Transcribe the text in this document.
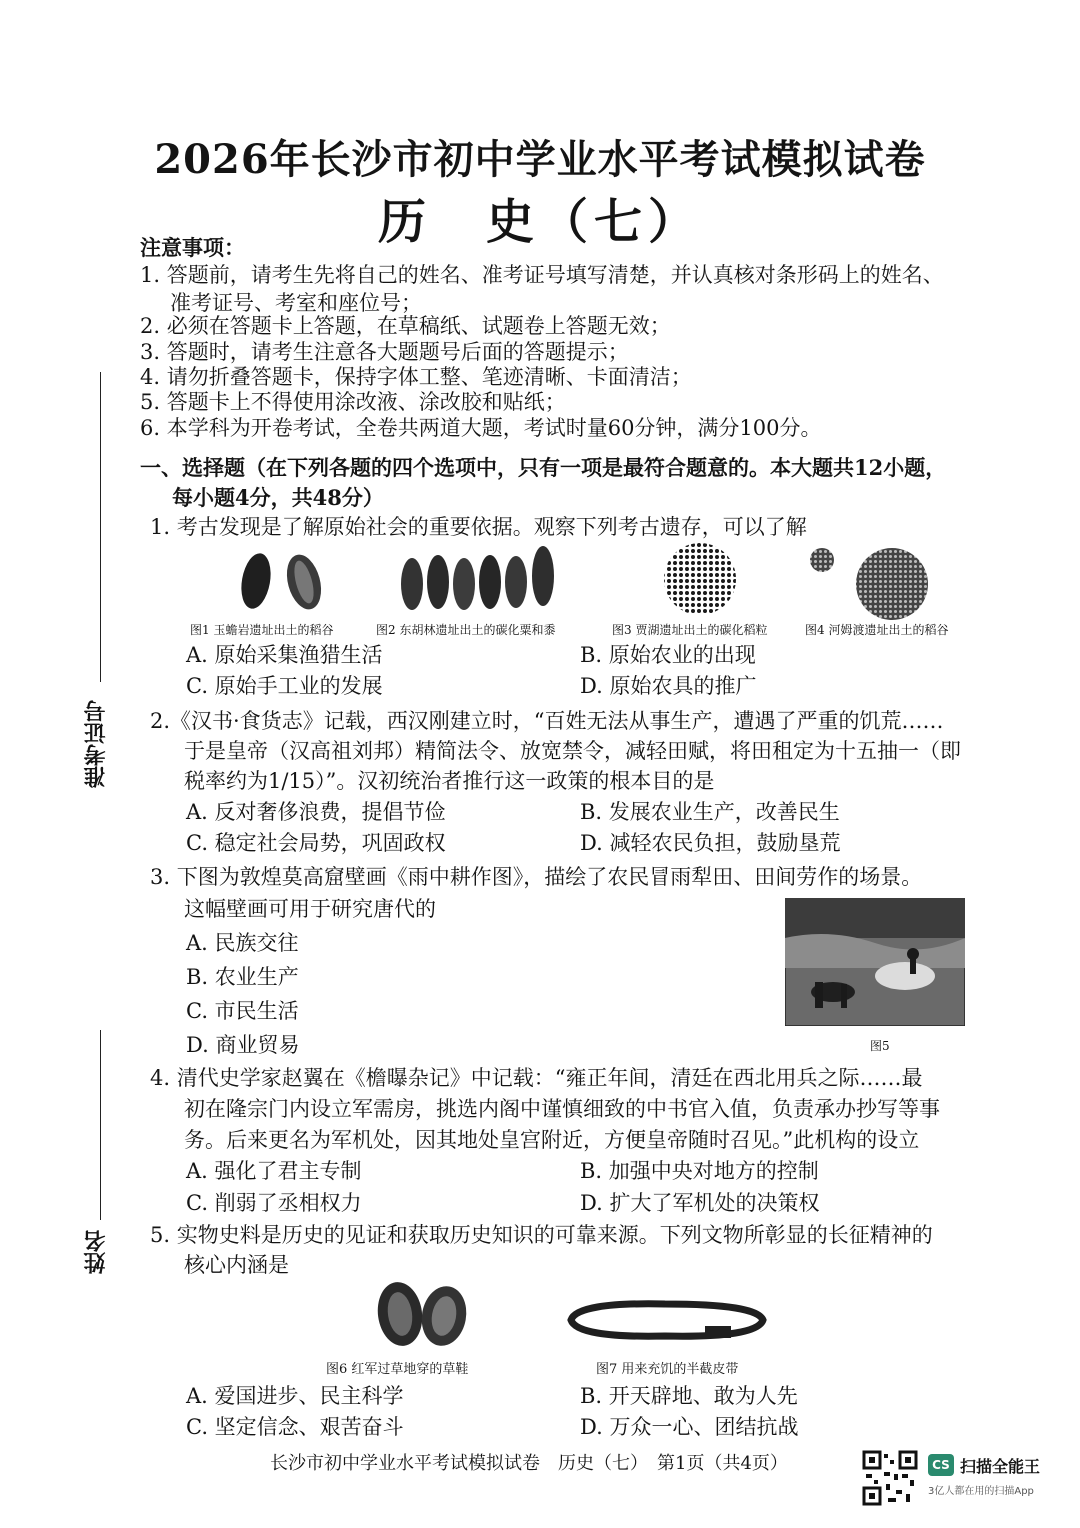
2026年长沙市初中学业水平考试模拟试卷
历　史（七）
准考证号
姓名
注意事项：
1. 答题前，请考生先将自己的姓名、准考证号填写清楚，并认真核对条形码上的姓名、
准考证号、考室和座位号；
2. 必须在答题卡上答题，在草稿纸、试题卷上答题无效；
3. 答题时，请考生注意各大题题号后面的答题提示；
4. 请勿折叠答题卡，保持字体工整、笔迹清晰、卡面清洁；
5. 答题卡上不得使用涂改液、涂改胶和贴纸；
6. 本学科为开卷考试，全卷共两道大题，考试时量60分钟，满分100分。
一、选择题（在下列各题的四个选项中，只有一项是最符合题意的。本大题共12小题，
每小题4分，共48分）
1. 考古发现是了解原始社会的重要依据。观察下列考古遗存，可以了解
图1 玉蟾岩遗址出土的稻谷	图2 东胡林遗址出土的碳化粟和黍	图3 贾湖遗址出土的碳化稻粒	图4 河姆渡遗址出土的稻谷
A. 原始采集渔猎生活	B. 原始农业的出现
C. 原始手工业的发展	D. 原始农具的推广
2.《汉书·食货志》记载，西汉刚建立时，“百姓无法从事生产，遭遇了严重的饥荒……
于是皇帝（汉高祖刘邦）精简法令、放宽禁令，减轻田赋，将田租定为十五抽一（即
税率约为1/15）”。汉初统治者推行这一政策的根本目的是
A. 反对奢侈浪费，提倡节俭	B. 发展农业生产，改善民生
C. 稳定社会局势，巩固政权	D. 减轻农民负担，鼓励垦荒
3. 下图为敦煌莫高窟壁画《雨中耕作图》，描绘了农民冒雨犁田、田间劳作的场景。
这幅壁画可用于研究唐代的
A. 民族交往
B. 农业生产
C. 市民生活
D. 商业贸易	图5
4. 清代史学家赵翼在《檐曝杂记》中记载：“雍正年间，清廷在西北用兵之际……最
初在隆宗门内设立军需房，挑选内阁中谨慎细致的中书官入值，负责承办抄写等事
务。后来更名为军机处，因其地处皇宫附近，方便皇帝随时召见。”此机构的设立
A. 强化了君主专制	B. 加强中央对地方的控制
C. 削弱了丞相权力	D. 扩大了军机处的决策权
5. 实物史料是历史的见证和获取历史知识的可靠来源。下列文物所彰显的长征精神的
核心内涵是
图6 红军过草地穿的草鞋	图7 用来充饥的半截皮带
A. 爱国进步、民主科学	B. 开天辟地、敢为人先
C. 坚定信念、艰苦奋斗	D. 万众一心、团结抗战
长沙市初中学业水平考试模拟试卷　历史（七）　第1页（共4页）	CS 扫描全能王
3亿人都在用的扫描App
